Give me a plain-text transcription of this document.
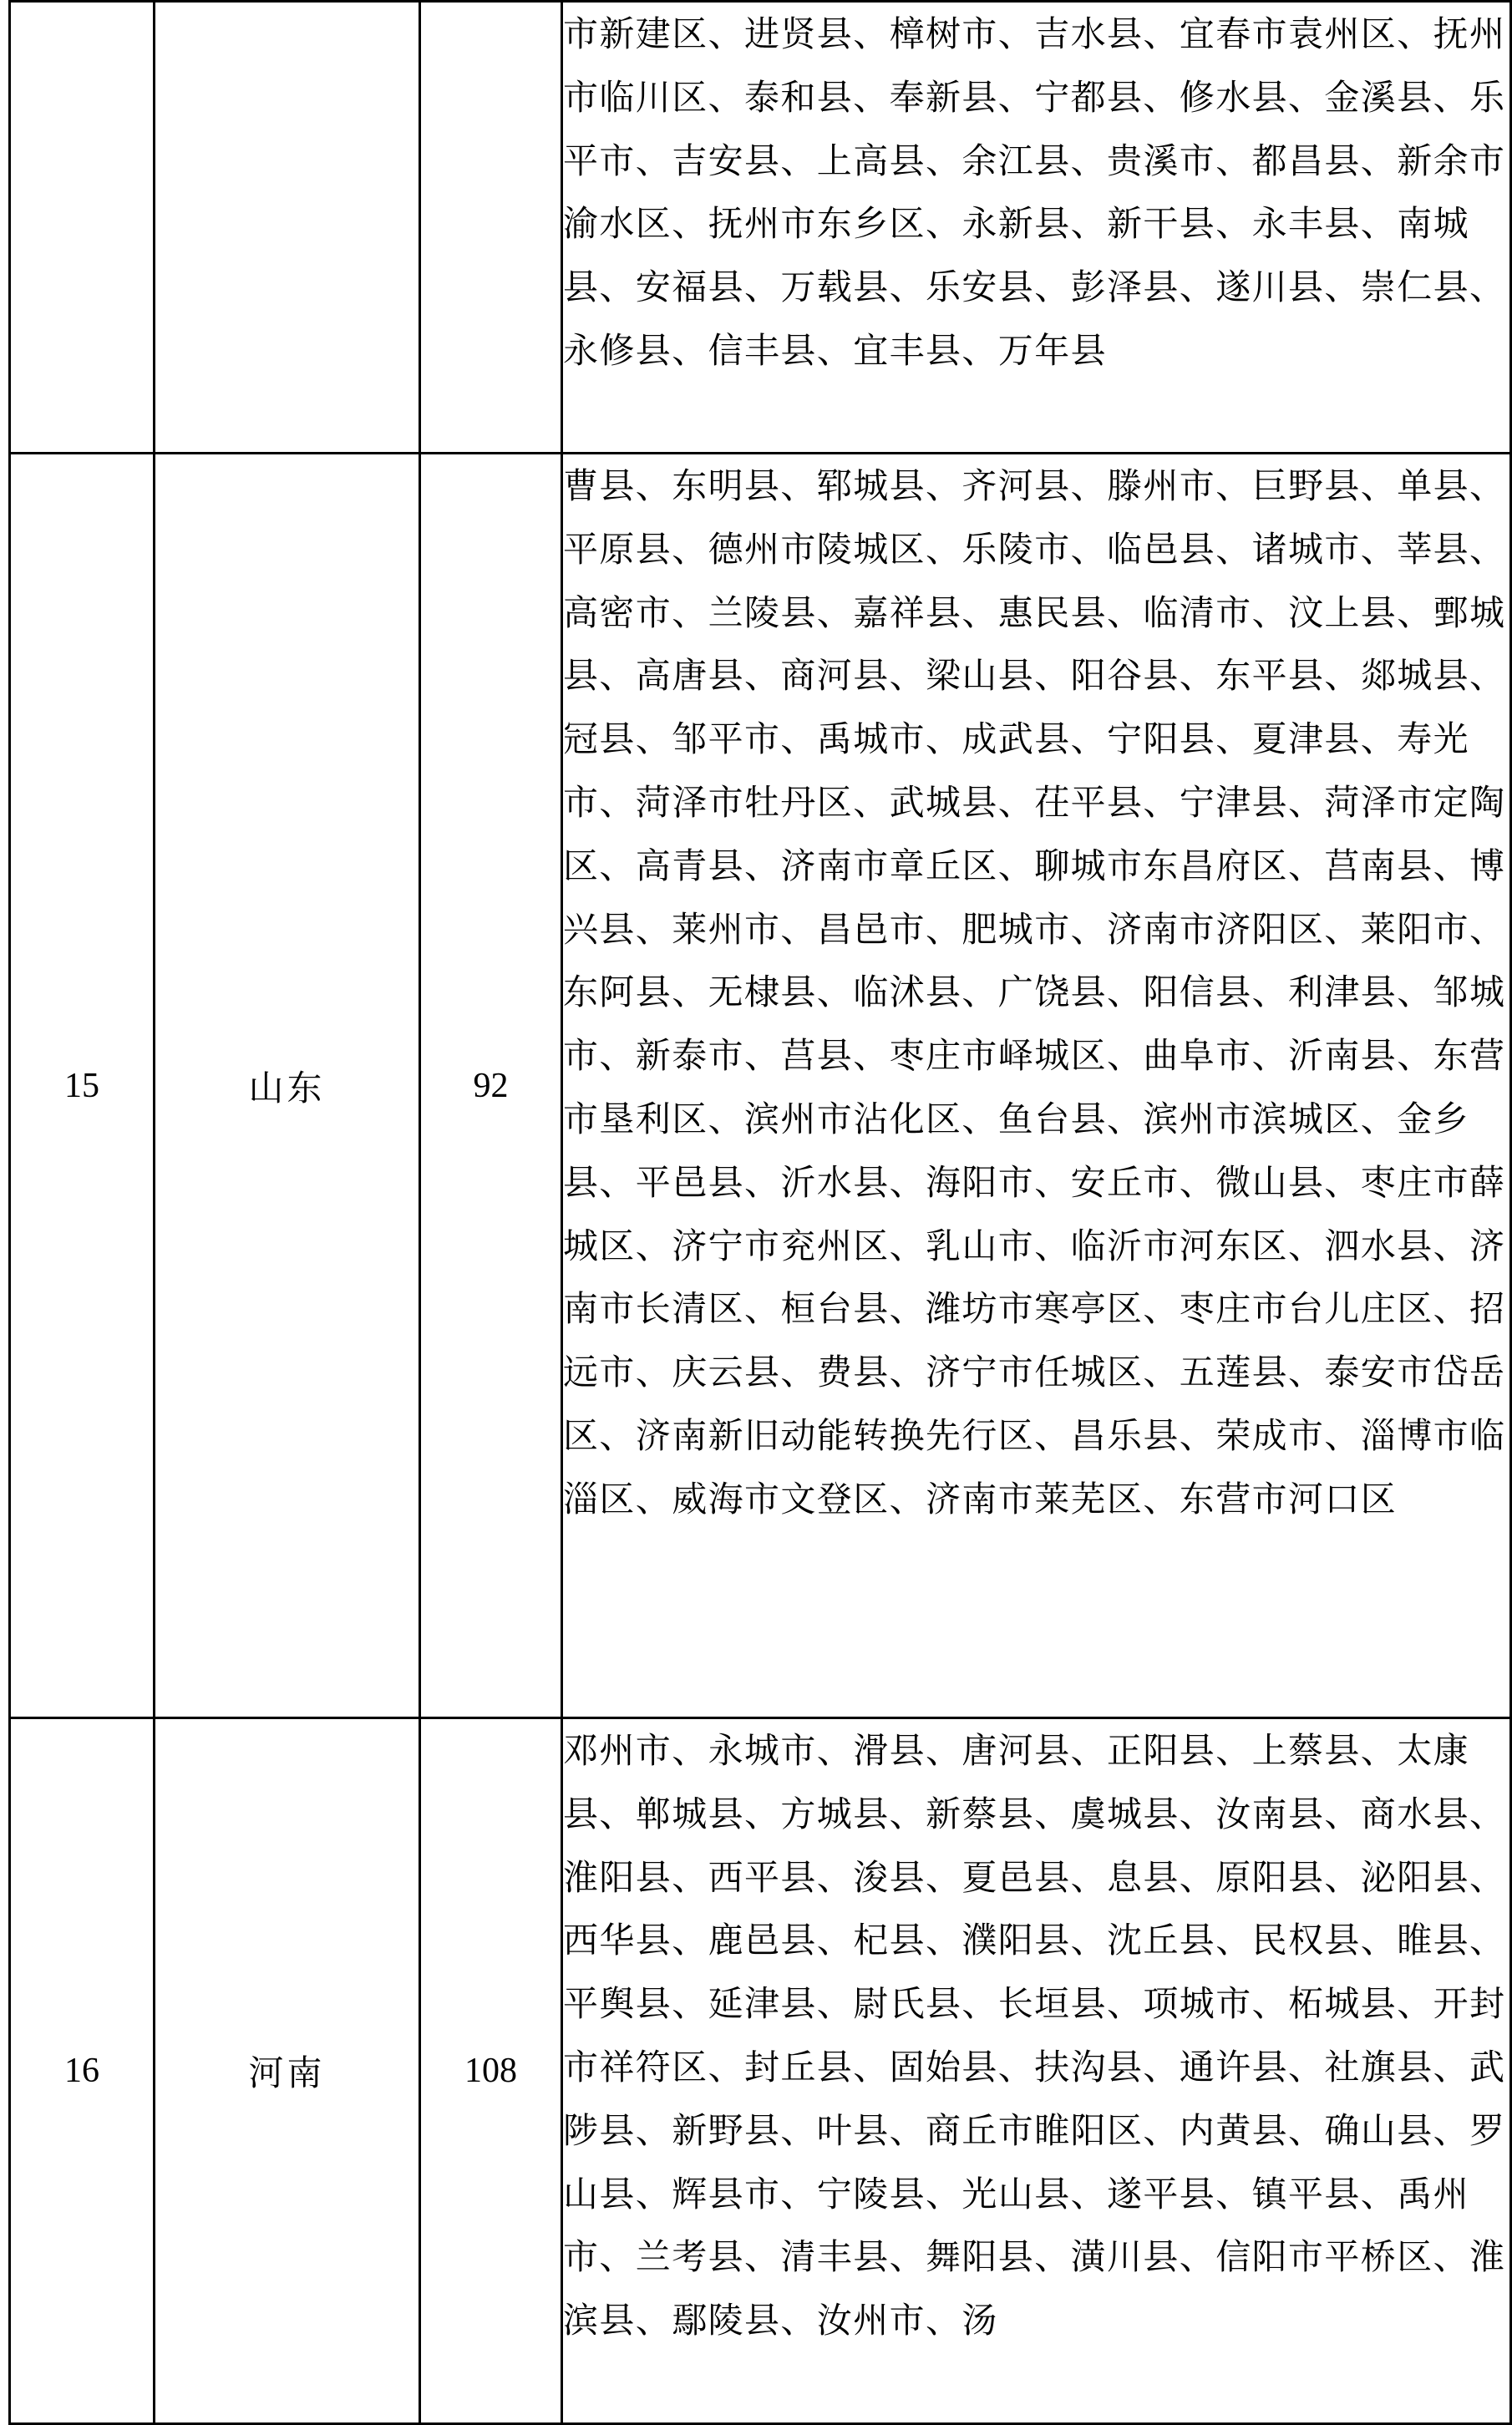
			市新建区、进贤县、樟树市、吉水县、宜春市袁州区、抚州市临川区、泰和县、奉新县、宁都县、修水县、金溪县、乐平市、吉安县、上高县、余江县、贵溪市、都昌县、新余市渝水区、抚州市东乡区、永新县、新干县、永丰县、南城县、安福县、万载县、乐安县、彭泽县、遂川县、崇仁县、永修县、信丰县、宜丰县、万年县
15	山东	92	曹县、东明县、郓城县、齐河县、滕州市、巨野县、单县、平原县、德州市陵城区、乐陵市、临邑县、诸城市、莘县、高密市、兰陵县、嘉祥县、惠民县、临清市、汶上县、鄄城县、高唐县、商河县、梁山县、阳谷县、东平县、郯城县、冠县、邹平市、禹城市、成武县、宁阳县、夏津县、寿光市、菏泽市牡丹区、武城县、茌平县、宁津县、菏泽市定陶区、高青县、济南市章丘区、聊城市东昌府区、莒南县、博兴县、莱州市、昌邑市、肥城市、济南市济阳区、莱阳市、东阿县、无棣县、临沭县、广饶县、阳信县、利津县、邹城市、新泰市、莒县、枣庄市峄城区、曲阜市、沂南县、东营市垦利区、滨州市沾化区、鱼台县、滨州市滨城区、金乡县、平邑县、沂水县、海阳市、安丘市、微山县、枣庄市薛城区、济宁市兖州区、乳山市、临沂市河东区、泗水县、济南市长清区、桓台县、潍坊市寒亭区、枣庄市台儿庄区、招远市、庆云县、费县、济宁市任城区、五莲县、泰安市岱岳区、济南新旧动能转换先行区、昌乐县、荣成市、淄博市临淄区、威海市文登区、济南市莱芜区、东营市河口区
16	河南	108	邓州市、永城市、滑县、唐河县、正阳县、上蔡县、太康县、郸城县、方城县、新蔡县、虞城县、汝南县、商水县、淮阳县、西平县、浚县、夏邑县、息县、原阳县、泌阳县、西华县、鹿邑县、杞县、濮阳县、沈丘县、民权县、睢县、平舆县、延津县、尉氏县、长垣县、项城市、柘城县、开封市祥符区、封丘县、固始县、扶沟县、通许县、社旗县、武陟县、新野县、叶县、商丘市睢阳区、内黄县、确山县、罗山县、辉县市、宁陵县、光山县、遂平县、镇平县、禹州市、兰考县、清丰县、舞阳县、潢川县、信阳市平桥区、淮滨县、鄢陵县、汝州市、汤
